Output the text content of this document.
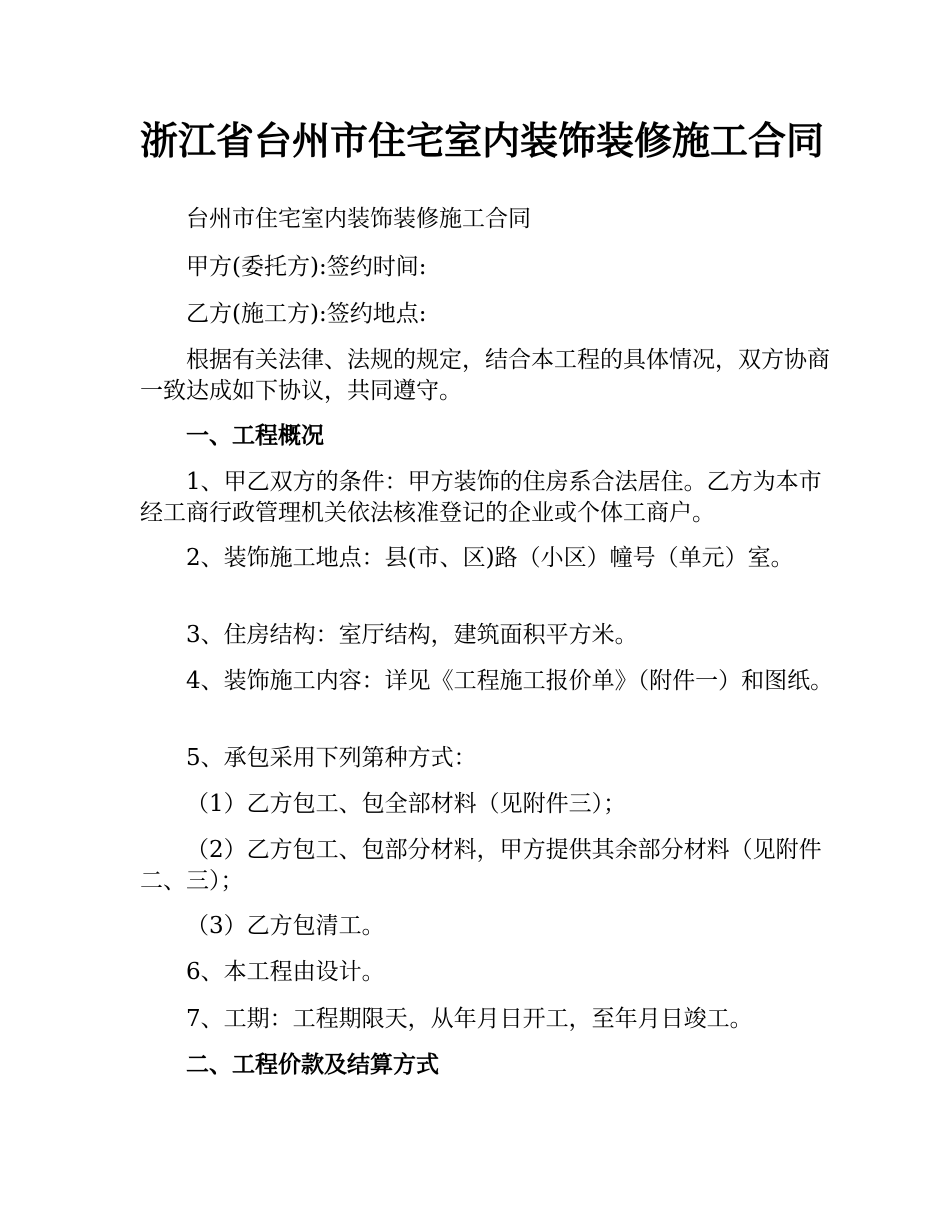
浙江省台州市住宅室内装饰装修施工合同

台州市住宅室内装饰装修施工合同

甲方(委托方):签约时间:

乙方(施工方):签约地点:

根据有关法律、法规的规定，结合本工程的具体情况，双方协商一致达成如下协议，共同遵守。

一、工程概况

1、甲乙双方的条件：甲方装饰的住房系合法居住。乙方为本市经工商行政管理机关依法核准登记的企业或个体工商户。

2、装饰施工地点：县(市、区)路（小区）幢号（单元）室。

3、住房结构：室厅结构，建筑面积平方米。

4、装饰施工内容：详见《工程施工报价单》（附件一）和图纸。

5、承包采用下列第种方式：

（1）乙方包工、包全部材料（见附件三）；

（2）乙方包工、包部分材料，甲方提供其余部分材料（见附件二、三）；

（3）乙方包清工。

6、本工程由设计。

7、工期：工程期限天，从年月日开工，至年月日竣工。

二、工程价款及结算方式
